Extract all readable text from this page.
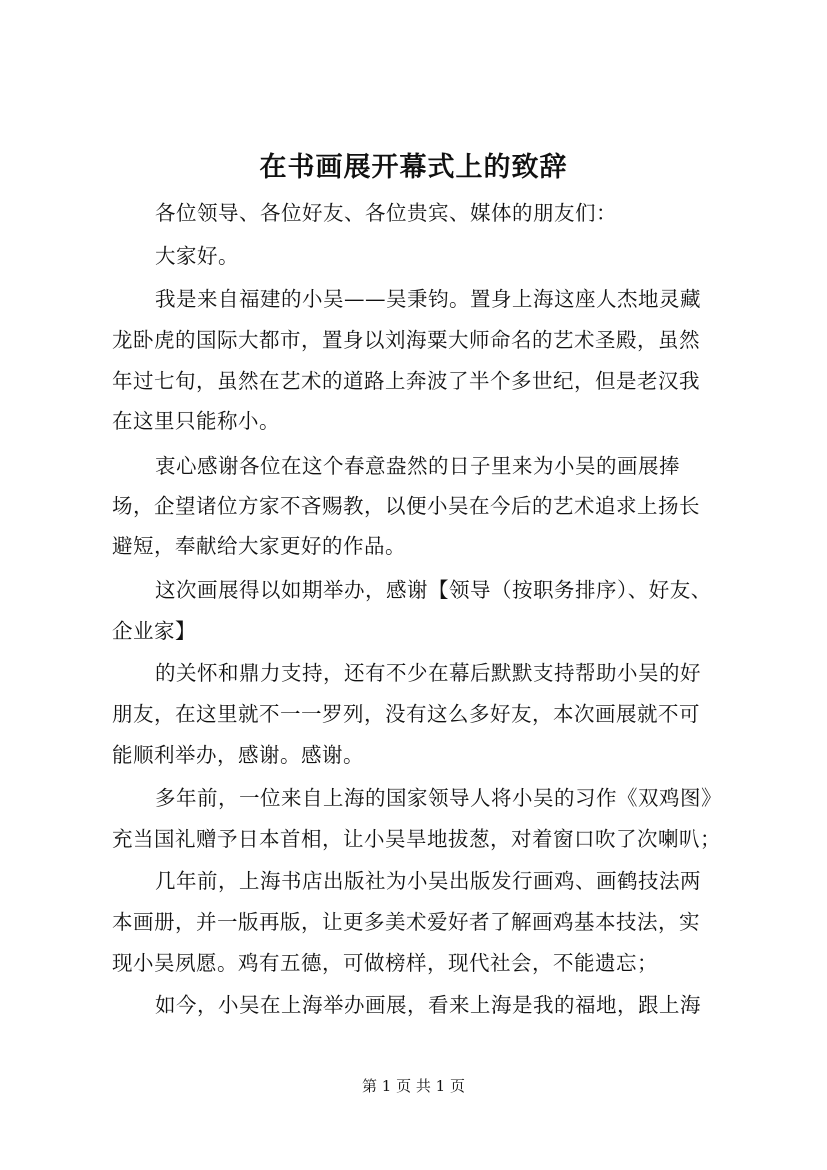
在书画展开幕式上的致辞
各位领导、各位好友、各位贵宾、媒体的朋友们：
大家好。
我是来自福建的小吴——吴秉钧。置身上海这座人杰地灵藏
龙卧虎的国际大都市，置身以刘海粟大师命名的艺术圣殿，虽然
年过七旬，虽然在艺术的道路上奔波了半个多世纪，但是老汉我
在这里只能称小。
衷心感谢各位在这个春意盎然的日子里来为小吴的画展捧
场，企望诸位方家不吝赐教，以便小吴在今后的艺术追求上扬长
避短，奉献给大家更好的作品。
这次画展得以如期举办，感谢【领导（按职务排序）、好友、
企业家】
的关怀和鼎力支持，还有不少在幕后默默支持帮助小吴的好
朋友，在这里就不一一罗列，没有这么多好友，本次画展就不可
能顺利举办，感谢。感谢。
多年前，一位来自上海的国家领导人将小吴的习作《双鸡图》
充当国礼赠予日本首相，让小吴旱地拔葱，对着窗口吹了次喇叭；
几年前，上海书店出版社为小吴出版发行画鸡、画鹤技法两
本画册，并一版再版，让更多美术爱好者了解画鸡基本技法，实
现小吴夙愿。鸡有五德，可做榜样，现代社会，不能遗忘；
如今，小吴在上海举办画展，看来上海是我的福地，跟上海
第 1 页 共 1 页
